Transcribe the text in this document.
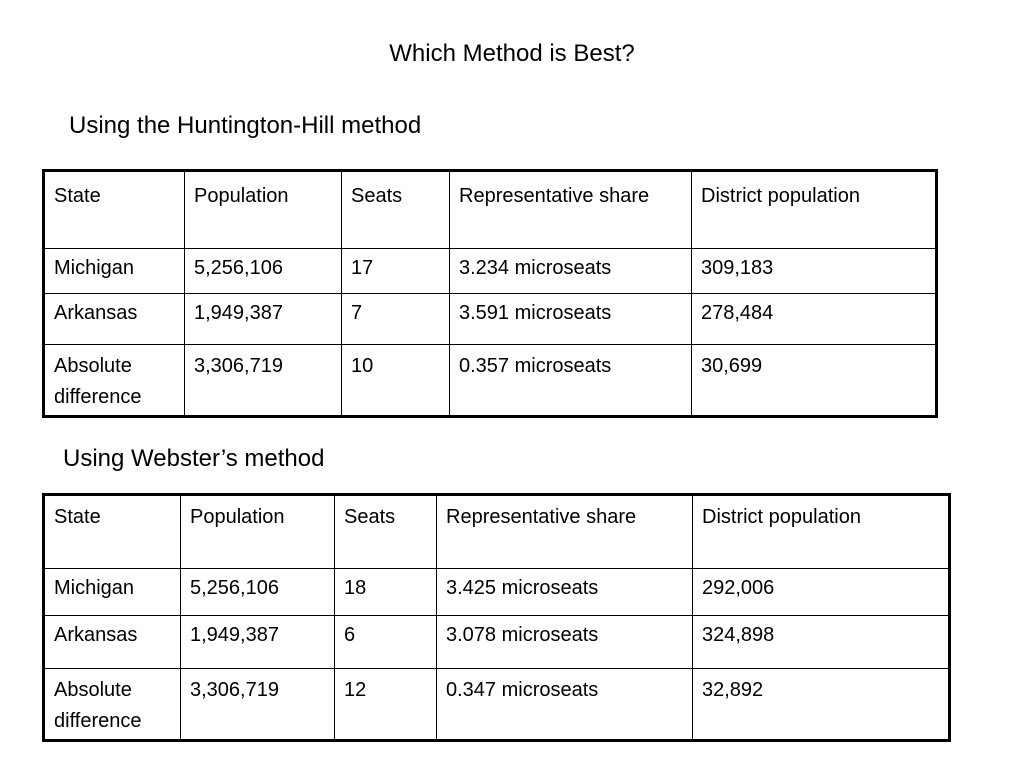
Which Method is Best?
Using the Huntington-Hill method
State	Population	Seats	Representative share	District population
Michigan	5,256,106	17	3.234 microseats	309,183
Arkansas	1,949,387	7	3.591 microseats	278,484
Absolute difference	3,306,719	10	0.357 microseats	30,699
Using Webster’s method
State	Population	Seats	Representative share	District population
Michigan	5,256,106	18	3.425 microseats	292,006
Arkansas	1,949,387	6	3.078 microseats	324,898
Absolute difference	3,306,719	12	0.347 microseats	32,892
